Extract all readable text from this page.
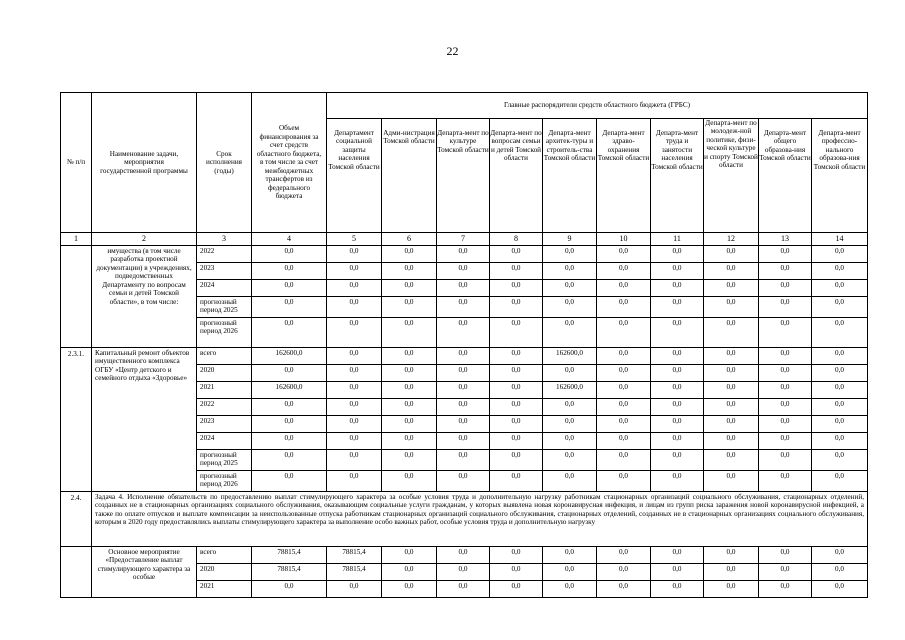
22
№ п/п	Наименование задачи, мероприятия государственной программы	Срок исполнения (годы)	Объем финансирования за счет средств областного бюджета, в том числе за счет межбюджетных трансфертов из федерального бюджета	Главные распорядители средств областного бюджета (ГРБС)									
				Департамент социальной защиты населения Томской области	Адми-нистрация Томской области	Департа-мент по культуре Томской области	Департа-мент по вопросам семьи и детей Томской области	Департа-мент архитек-туры и строитель-ства Томской области	Департа-мент здраво-охранения Томской области	Департа-мент труда и занятости населения Томской области	Департа-мент по молодеж-ной политике, физи-ческой культуре и спорту Томской области	Департа-мент общего образова-ния Томской области	Департа-мент профессио-нального образова-ния Томской области
1	2	3	4	5	6	7	8	9	10	11	12	13	14
	имущества (в том числе разработка проектной документации) в учреждениях, подведомственных Департаменту по вопросам семьи и детей Томской области», в том числе:	2022	0,0	0,0	0,0	0,0	0,0	0,0	0,0	0,0	0,0	0,0	0,0
		2023	0,0	0,0	0,0	0,0	0,0	0,0	0,0	0,0	0,0	0,0	0,0
		2024	0,0	0,0	0,0	0,0	0,0	0,0	0,0	0,0	0,0	0,0	0,0
		прогнозный период 2025	0,0	0,0	0,0	0,0	0,0	0,0	0,0	0,0	0,0	0,0	0,0
		прогнозный период 2026	0,0	0,0	0,0	0,0	0,0	0,0	0,0	0,0	0,0	0,0	0,0
2.3.1.	Капитальный ремонт объектов имущественного комплекса ОГБУ «Центр детского и семейного отдыха «Здоровье»	всего	162600,0	0,0	0,0	0,0	0,0	162600,0	0,0	0,0	0,0	0,0	0,0
		2020	0,0	0,0	0,0	0,0	0,0	0,0	0,0	0,0	0,0	0,0	0,0
		2021	162600,0	0,0	0,0	0,0	0,0	162600,0	0,0	0,0	0,0	0,0	0,0
		2022	0,0	0,0	0,0	0,0	0,0	0,0	0,0	0,0	0,0	0,0	0,0
		2023	0,0	0,0	0,0	0,0	0,0	0,0	0,0	0,0	0,0	0,0	0,0
		2024	0,0	0,0	0,0	0,0	0,0	0,0	0,0	0,0	0,0	0,0	0,0
		прогнозный период 2025	0,0	0,0	0,0	0,0	0,0	0,0	0,0	0,0	0,0	0,0	0,0
		прогнозный период 2026	0,0	0,0	0,0	0,0	0,0	0,0	0,0	0,0	0,0	0,0	0,0
2.4.	Задача 4. Исполнение обязательств по предоставлению выплат стимулирующего характера за особые условия труда и дополнительную нагрузку работникам стационарных организаций социального обслуживания, стационарных отделений, созданных не в стационарных организациях социального обслуживания, оказывающим социальные услуги гражданам, у которых выявлена новая коронавирусная инфекция, и лицам из групп риска заражения новой коронавирусной инфекцией, а также по оплате отпусков и выплате компенсации за неиспользованные отпуска работникам стационарных организаций социального обслуживания, стационарных отделений, созданных не в стационарных организациях социального обслуживания, которым в 2020 году предоставлялись выплаты стимулирующего характера за выполнение особо важных работ, особые условия труда и дополнительную нагрузку												
	Основное мероприятие «Предоставление выплат стимулирующего характера за особые	всего	78815,4	78815,4	0,0	0,0	0,0	0,0	0,0	0,0	0,0	0,0	0,0
		2020	78815,4	78815,4	0,0	0,0	0,0	0,0	0,0	0,0	0,0	0,0	0,0
		2021	0,0	0,0	0,0	0,0	0,0	0,0	0,0	0,0	0,0	0,0	0,0
